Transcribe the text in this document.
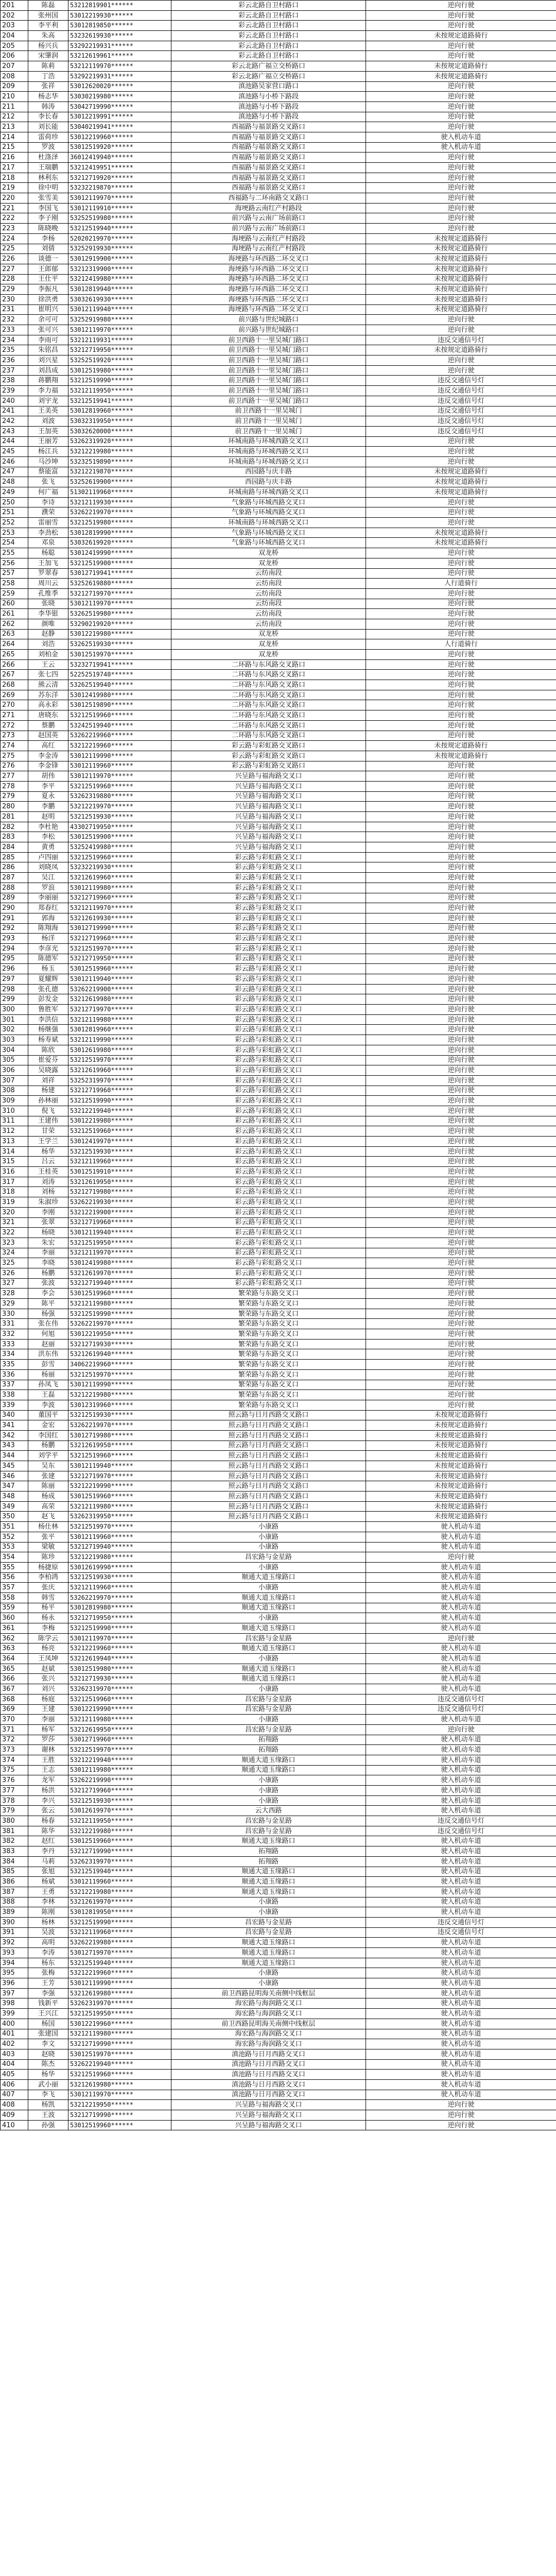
201	陈磊	53212819901******	彩云北路自卫村路口	逆向行驶
202	张州国	53012219930******	彩云北路自卫村路口	逆向行驶
203	李平利	53012819850******	彩云北路自卫村路口	逆向行驶
204	朱高	53232619930******	彩云北路自卫村路口	未按规定道路骑行
205	杨兴兵	53292219931******	彩云北路自卫村路口	逆向行驶
206	宋肇润	53212619961******	彩云北路自卫村路口	逆向行驶
207	陈莉	53212119970******	彩云北路广福立交桥路口	未按规定道路骑行
208	丁浩	53292219931******	彩云北路广福立交桥路口	未按规定道路骑行
209	张祥	53012620020******	滇池路吴家营口路口	逆向行驶
210	杨志华	53030219980******	滇池路与小桥下路段	逆向行驶
211	韩涛	53042719990******	滇池路与小桥下路段	逆向行驶
212	李长春	53012219991******	滇池路与小桥下路段	逆向行驶
213	刘长能	53040219941******	西福路与福景路交叉路口	逆向行驶
214	雷荷珍	53012219960******	西福路与福景路交叉路口	驶入机动车道
215	罗波	53012519920******	西福路与福景路交叉路口	驶入机动车道
216	杜涤泽	36012419940******	西福路与福景路交叉路口	逆向行驶
217	王瑞鹏	53212419951******	西福路与福景路交叉路口	逆向行驶
218	林利东	53212719920******	西福路与福景路交叉路口	逆向行驶
219	徐中明	53232219870******	西福路与福景路交叉路口	逆向行驶
220	张雪美	53012119970******	西福路与二环南路交叉路口	逆向行驶
221	李国飞	53012119910******	海埂路云南红产村路段	逆向行驶
222	李子刚	53252519980******	前兴路与云南广场前路口	逆向行驶
223	陈晓晚	53212519940******	前兴路与云南广场前路口	逆向行驶
224	李杨	52020219970******	海埂路与云南红产村路段	未按规定道路骑行
225	刘倩	53252919930******	海埂路与云南红产村路段	未按规定道路骑行
226	谈德一	53012919900******	海埂路与环西路二环交叉口	未按规定道路骑行
227	王郎郁	53212319900******	海埂路与环西路二环交叉口	未按规定道路骑行
228	王仕平	53212419980******	海埂路与环西路二环交叉口	未按规定道路骑行
229	李振凡	53012819940******	海埂路与环西路二环交叉口	未按规定道路骑行
230	徐洪勇	53032619930******	海埂路与环西路二环交叉口	未按规定道路骑行
231	崔明兴	53012119940******	海埂路与环西路二环交叉口	未按规定道路骑行
232	余可可	53252919980******	前兴路与世纪城路口	逆向行驶
233	张可兴	53012119970******	前兴路与世纪城路口	逆向行驶
234	李雨可	53212119931******	前卫西路十一里吴城门路口	违反交通信号灯
235	朱铭昌	53212719950******	前卫西路十一里吴城门路口	未按规定道路骑行
236	刘兴星	53252519920******	前卫西路十一里吴城门路口	逆向行驶
237	刘昌成	53012519980******	前卫西路十一里吴城门路口	逆向行驶
238	蒋鹏翔	53212519990******	前卫西路十一里吴城门路口	违反交通信号灯
239	李力福	53212119950******	前卫西路十一里吴城门路口	违反交通信号灯
240	刘宇龙	53212519941******	前卫西路十一里吴城门路口	违反交通信号灯
241	王美英	53012819960******	前卫西路十一里吴城门	违反交通信号灯
242	刘波	53032319950******	前卫西路十一里吴城门	违反交通信号灯
243	王加英	53032620000******	前卫西路十一里吴城门	违反交通信号灯
244	王丽芳	53262319920******	环城南路与环城西路交叉口	逆向行驶
245	杨江兵	53212219980******	环城南路与环城西路交叉口	逆向行驶
246	马沙坤	53232519890******	环城南路与环城西路交叉口	逆向行驶
247	蔡能富	53212219870******	西园路与庆丰路	未按规定道路骑行
248	张飞	53252619900******	西园路与庆丰路	未按规定道路骑行
249	何广福	51302119960******	环城南路与环城西路交叉口	未按规定道路骑行
250	李诗	53212119930******	气象路与环城西路交叉口	逆向行驶
251	濮荣	53262219970******	气象路与环城西路交叉口	逆向行驶
252	雷丽雪	53212519980******	环城南路与环城西路交叉口	逆向行驶
253	李劲松	53012819990******	气象路与环城西路交叉口	未按规定道路骑行
254	邓泉	53032619920******	气象路与环城西路交叉口	未按规定道路骑行
255	杨聪	53012419990******	双龙桥	逆向行驶
256	王加飞	53212519900******	双龙桥	逆向行驶
257	罗翠春	53012719941******	云纺南段	逆向行驶
258	周川云	53252619880******	云纺南段	人行道骑行
259	孔维季	53212719970******	云纺南段	逆向行驶
260	张晓	53012119970******	云纺南段	逆向行驶
261	李华银	53262519980******	云纺南段	逆向行驶
262	颜唯	53290219920******	云纺南段	逆向行驶
263	赵静	53012219980******	双龙桥	逆向行驶
264	刘浩	53262519930******	双龙桥	人行道骑行
265	刘柏金	53012519970******	双龙桥	逆向行驶
266	王云	53232719941******	二环路与东风路交叉路口	逆向行驶
267	张七四	52252519740******	二环路与东风路交叉路口	逆向行驶
268	熊云清	53262519940******	二环路与东风路交叉路口	逆向行驶
269	苏东洋	53012419980******	二环路与东风路交叉路口	逆向行驶
270	高永彩	53012519890******	二环路与东风路交叉路口	逆向行驶
271	唐晓东	53212519960******	二环路与东风路交叉路口	逆向行驶
272	蔡鹏	53242519940******	二环路与东风路交叉路口	逆向行驶
273	赵国英	53262219960******	二环路与东风路交叉路口	逆向行驶
274	高红	53212219960******	彩云路与彩虹路交叉路口	未按规定道路骑行
275	李金涛	53012119990******	彩云路与彩虹路交叉路口	未按规定道路骑行
276	李金锋	53012119960******	彩云路与彩虹路交叉路口	逆向行驶
277	胡伟	53012119970******	兴呈路与福海路交叉口	逆向行驶
278	李平	53212519960******	兴呈路与福海路交叉口	逆向行驶
279	夏永	53262319880******	兴呈路与福海路交叉口	逆向行驶
280	李鹏	53212219970******	兴呈路与福海路交叉口	逆向行驶
281	赵明	53212519930******	兴呈路与福海路交叉口	逆向行驶
282	李杜艳	43302719950******	兴呈路与福海路交叉口	逆向行驶
283	李松	53012519900******	兴呈路与福海路交叉口	逆向行驶
284	黄勇	53252419980******	兴呈路与福海路交叉口	逆向行驶
285	卢四丽	53212519960******	彩云路与彩虹路交叉口	逆向行驶
286	刘晓凤	53232219930******	彩云路与彩虹路交叉口	逆向行驶
287	吴江	53212619960******	彩云路与彩虹路交叉口	逆向行驶
288	罗浪	53012119980******	彩云路与彩虹路交叉口	逆向行驶
289	李丽丽	53212719960******	彩云路与彩虹路交叉口	逆向行驶
290	郑春红	53212119970******	彩云路与彩虹路交叉口	逆向行驶
291	郭海	53212619930******	彩云路与彩虹路交叉口	逆向行驶
292	陈翔海	53012719990******	彩云路与彩虹路交叉口	逆向行驶
293	杨洋	53212719960******	彩云路与彩虹路交叉口	逆向行驶
294	李彦光	53212519970******	彩云路与彩虹路交叉口	逆向行驶
295	陈德军	53212719950******	彩云路与彩虹路交叉口	逆向行驶
296	杨玉	53012519960******	彩云路与彩虹路交叉口	逆向行驶
297	夏耀辉	53012119940******	彩云路与彩虹路交叉口	逆向行驶
298	张孔德	53262219900******	彩云路与彩虹路交叉口	逆向行驶
299	彭发金	53212619980******	彩云路与彩虹路交叉口	逆向行驶
300	鲁胜军	53212719970******	彩云路与彩虹路交叉口	逆向行驶
301	李洪信	53212119980******	彩云路与彩虹路交叉口	逆向行驶
302	杨继强	53012819960******	彩云路与彩虹路交叉口	逆向行驶
303	杨寿斌	53212119990******	彩云路与彩虹路交叉口	逆向行驶
304	陈欣	53012619980******	彩云路与彩虹路交叉口	逆向行驶
305	崔爱芬	53212519970******	彩云路与彩虹路交叉口	逆向行驶
306	吴晓露	53212619960******	彩云路与彩虹路交叉口	逆向行驶
307	刘祥	53252319970******	彩云路与彩虹路交叉口	逆向行驶
308	杨建	53212719960******	彩云路与彩虹路交叉口	逆向行驶
309	孙林丽	53212519990******	彩云路与彩虹路交叉口	逆向行驶
310	倪飞	53212219940******	彩云路与彩虹路交叉口	逆向行驶
311	王建伟	53012219980******	彩云路与彩虹路交叉口	逆向行驶
312	甘荣	53212519960******	彩云路与彩虹路交叉口	逆向行驶
313	王学兰	53012419970******	彩云路与彩虹路交叉口	逆向行驶
314	杨华	53212519930******	彩云路与彩虹路交叉口	逆向行驶
315	吕云	53212119960******	彩云路与彩虹路交叉口	逆向行驶
316	王桂英	53012519910******	彩云路与彩虹路交叉口	逆向行驶
317	刘涛	53212619950******	彩云路与彩虹路交叉口	逆向行驶
318	刘杨	53212719980******	彩云路与彩虹路交叉口	逆向行驶
319	朱淑珍	53262219930******	彩云路与彩虹路交叉口	逆向行驶
320	李刚	53212219900******	彩云路与彩虹路交叉口	逆向行驶
321	张翠	53212719960******	彩云路与彩虹路交叉口	逆向行驶
322	杨晓	53012119940******	彩云路与彩虹路交叉口	逆向行驶
323	朱宏	53212519950******	彩云路与彩虹路交叉口	逆向行驶
324	李丽	53212119970******	彩云路与彩虹路交叉口	逆向行驶
325	李晓	53012419980******	彩云路与彩虹路交叉口	逆向行驶
326	杨鹏	53212619970******	彩云路与彩虹路交叉口	逆向行驶
327	张波	53212719940******	彩云路与彩虹路交叉口	逆向行驶
328	李会	53012519960******	繁荣路与东路交叉口	逆向行驶
329	陈平	53212119980******	繁荣路与东路交叉口	逆向行驶
330	杨强	53212519990******	繁荣路与东路交叉口	逆向行驶
331	张在伟	53262219970******	繁荣路与东路交叉口	逆向行驶
332	何旭	53012219950******	繁荣路与东路交叉口	逆向行驶
333	赵丽	53212719930******	繁荣路与东路交叉口	逆向行驶
334	洪东伟	53212619940******	繁荣路与东路交叉口	逆向行驶
335	彭雪	34062219960******	繁荣路与东路交叉口	逆向行驶
336	杨丽	53212519970******	繁荣路与东路交叉口	逆向行驶
337	孙凤飞	53012119990******	繁荣路与东路交叉口	逆向行驶
338	王磊	53212219980******	繁荣路与东路交叉口	逆向行驶
339	李波	53012319960******	繁荣路与东路交叉口	逆向行驶
340	董国平	53212519930******	照云路与日月西路交叉路口	未按规定道路骑行
341	金宏	53262219970******	照云路与日月西路交叉路口	未按规定道路骑行
342	李国红	53012719980******	照云路与日月西路交叉路口	未按规定道路骑行
343	杨鹏	53212619950******	照云路与日月西路交叉路口	未按规定道路骑行
344	刘学平	53212519960******	照云路与日月西路交叉路口	未按规定道路骑行
345	吴东	53012119940******	照云路与日月西路交叉路口	未按规定道路骑行
346	张建	53212719970******	照云路与日月西路交叉路口	未按规定道路骑行
347	陈丽	53212219990******	照云路与日月西路交叉路口	未按规定道路骑行
348	杨成	53012519960******	照云路与日月西路交叉路口	未按规定道路骑行
349	高荣	53212119980******	照云路与日月西路交叉路口	未按规定道路骑行
350	赵飞	53262319950******	照云路与日月西路交叉路口	未按规定道路骑行
351	杨仕林	53212519970******	小康路	驶入机动车道
352	张平	53012119960******	小康路	驶入机动车道
353	梁敏	53212719940******	小康路	驶入机动车道
354	陈珍	53212219980******	昌宏路与金星路	逆向行驶
355	杨捷原	53012619990******	小康路	驶入机动车道
356	李柏鸿	53212519930******	顺通大道玉缘路口	驶入机动车道
357	张庆	53212119960******	小康路	驶入机动车道
358	韩雪	53262219970******	顺通大道玉缘路口	驶入机动车道
359	杨平	53012819980******	顺通大道玉缘路口	驶入机动车道
360	杨永	53212719950******	小康路	驶入机动车道
361	李梅	53212519990******	顺通大道玉缘路口	驶入机动车道
362	陈学云	53012119970******	昌宏路与金星路	逆向行驶
363	杨亮	53212219960******	顺通大道玉缘路口	驶入机动车道
364	王凤坤	53212619940******	小康路	驶入机动车道
365	赵斌	53012519980******	顺通大道玉缘路口	驶入机动车道
366	张兴	53212719930******	顺通大道玉缘路口	驶入机动车道
367	刘兴	53262319970******	小康路	驶入机动车道
368	杨庭	53212519960******	昌宏路与金星路	违反交通信号灯
369	王建	53012219990******	昌宏路与金星路	违反交通信号灯
370	李丽	53212119980******	小康路	驶入机动车道
371	杨军	53212619950******	昌宏路与金星路	逆向行驶
372	罗莎	53012719960******	拓翔路	驶入机动车道
373	谢林	53212519970******	拓翔路	驶入机动车道
374	王胜	53212219940******	顺通大道玉缘路口	驶入机动车道
375	王志	53012119980******	顺通大道玉缘路口	驶入机动车道
376	龙军	53262219990******	小康路	驶入机动车道
377	杨洪	53212719960******	小康路	驶入机动车道
378	李兴	53212519930******	小康路	驶入机动车道
379	张云	53012619970******	云大西路	驶入机动车道
380	杨春	53212119950******	昌宏路与金星路	违反交通信号灯
381	陈华	53212219980******	昌宏路与金星路	违反交通信号灯
382	赵红	53012519960******	顺通大道玉缘路口	驶入机动车道
383	李丹	53212719990******	拓翔路	驶入机动车道
384	马莉	53262319970******	拓翔路	驶入机动车道
385	张旭	53212519940******	顺通大道玉缘路口	驶入机动车道
386	杨斌	53012119960******	顺通大道玉缘路口	驶入机动车道
387	王勇	53212219980******	顺通大道玉缘路口	驶入机动车道
388	李林	53212619970******	小康路	驶入机动车道
389	陈刚	53012819950******	小康路	驶入机动车道
390	杨林	53212519990******	昌宏路与金星路	违反交通信号灯
391	吴波	53212119960******	昌宏路与金星路	违反交通信号灯
392	高明	53262219980******	顺通大道玉缘路口	驶入机动车道
393	李涛	53012719970******	顺通大道玉缘路口	驶入机动车道
394	杨东	53212519940******	顺通大道玉缘路口	驶入机动车道
395	张梅	53212219960******	小康路	驶入机动车道
396	王芳	53012119990******	小康路	驶入机动车道
397	李强	53212619980******	前卫西路昆明海关南侧中线框层	驶入机动车道
398	钱新平	53262319970******	海宏路与海润路交叉口	驶入机动车道
399	王兴江	53212519950******	海宏路与海润路交叉口	驶入机动车道
400	杨国	53012219960******	前卫西路昆明海关南侧中线框层	驶入机动车道
401	张建国	53212119980******	海宏路与海润路交叉口	驶入机动车道
402	李文	53212719990******	海宏路与海润路交叉口	驶入机动车道
403	赵晓	53012519970******	滇池路与日月西路交叉口	驶入机动车道
404	陈杰	53262219940******	滇池路与日月西路交叉口	驶入机动车道
405	杨华	53212519960******	滇池路与日月西路交叉口	驶入机动车道
406	武小丽	53212619980******	滇池路与日月西路交叉口	驶入机动车道
407	李飞	53012119970******	滇池路与日月西路交叉口	驶入机动车道
408	杨凯	53212219950******	兴呈路与福海路交叉口	逆向行驶
409	王波	53212719990******	兴呈路与福海路交叉口	逆向行驶
410	孙强	53012519960******	兴呈路与福海路交叉口	逆向行驶
